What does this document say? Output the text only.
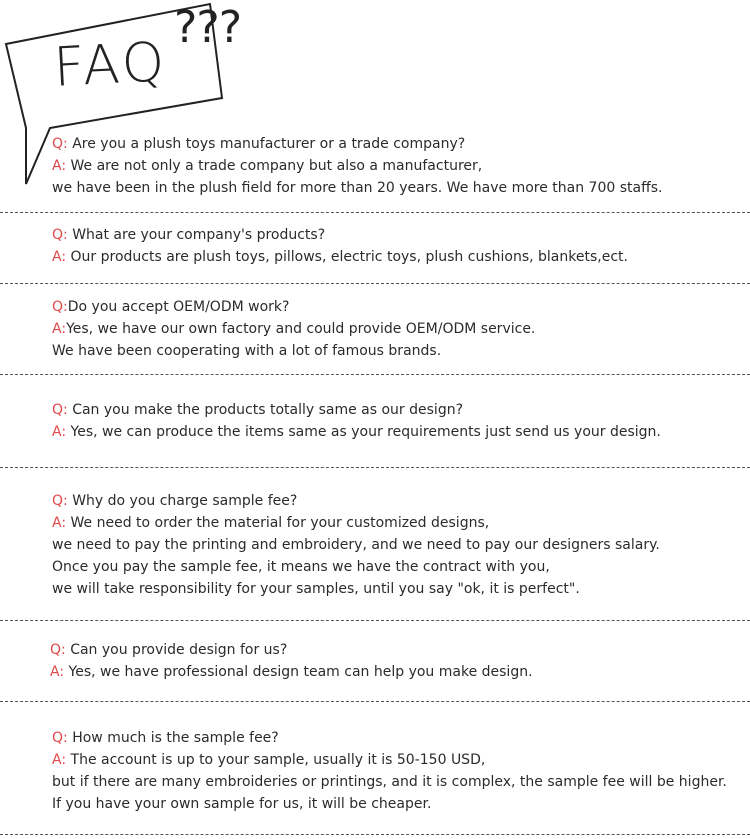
FAQ
???
Q: Are you a plush toys manufacturer or a trade company?
A: We are not only a trade company but also a manufacturer,
we have been in the plush field for more than 20 years. We have more than 700 staffs.
Q: What are your company's products?
A: Our products are plush toys, pillows, electric toys, plush cushions, blankets,ect.
Q:Do you accept OEM/ODM work?
A:Yes, we have our own factory and could provide OEM/ODM service.
We have been cooperating with a lot of famous brands.
Q: Can you make the products totally same as our design?
A: Yes, we can produce the items same as your requirements just send us your design.
Q: Why do you charge sample fee?
A: We need to order the material for your customized designs,
we need to pay the printing and embroidery, and we need to pay our designers salary.
Once you pay the sample fee, it means we have the contract with you,
we will take responsibility for your samples, until you say "ok, it is perfect".
Q: Can you provide design for us?
A: Yes, we have professional design team can help you make design.
Q: How much is the sample fee?
A: The account is up to your sample, usually it is 50-150 USD,
but if there are many embroideries or printings, and it is complex, the sample fee will be higher.
If you have your own sample for us, it will be cheaper.
